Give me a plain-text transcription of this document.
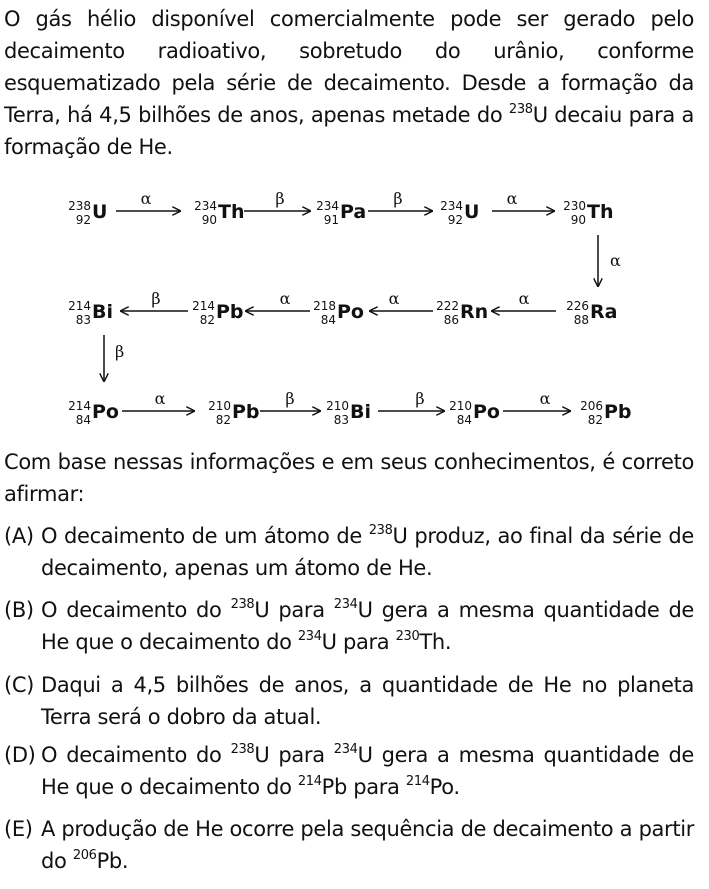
O gás hélio disponível comercialmente pode ser gerado pelo decaimento radioativo, sobretudo do urânio, conforme esquematizado pela série de decaimento. Desde a formação da Terra, há 4,5 bilhões de anos, apenas metade do $^{238}$U decaiu para a formação de He.
238
92 U	234
90 Th	234
91 Pa	234
92 U	230
90 Th
226
88 Ra
222
86 Rn
218
84 Po
214
82 Pb
214
83 Bi
214
84 Po	210
82 Pb	210
83 Bi	210
84 Po	206
82 Pb
α	β	β	α
α
α
α
α
β
β
α	β	β	α
Com base nessas informações e em seus conhecimentos, é correto afirmar:
(A) O decaimento de um átomo de $^{238}$U produz, ao final da série de decaimento, apenas um átomo de He.
(B) O decaimento do $^{238}$U para $^{234}$U gera a mesma quantidade de He que o decaimento do $^{234}$U para $^{230}$Th.
(C) Daqui a 4,5 bilhões de anos, a quantidade de He no planeta Terra será o dobro da atual.
(D) O decaimento do $^{238}$U para $^{234}$U gera a mesma quantidade de He que o decaimento do $^{214}$Pb para $^{214}$Po.
(E) A produção de He ocorre pela sequência de decaimento a partir do $^{206}$Pb.
